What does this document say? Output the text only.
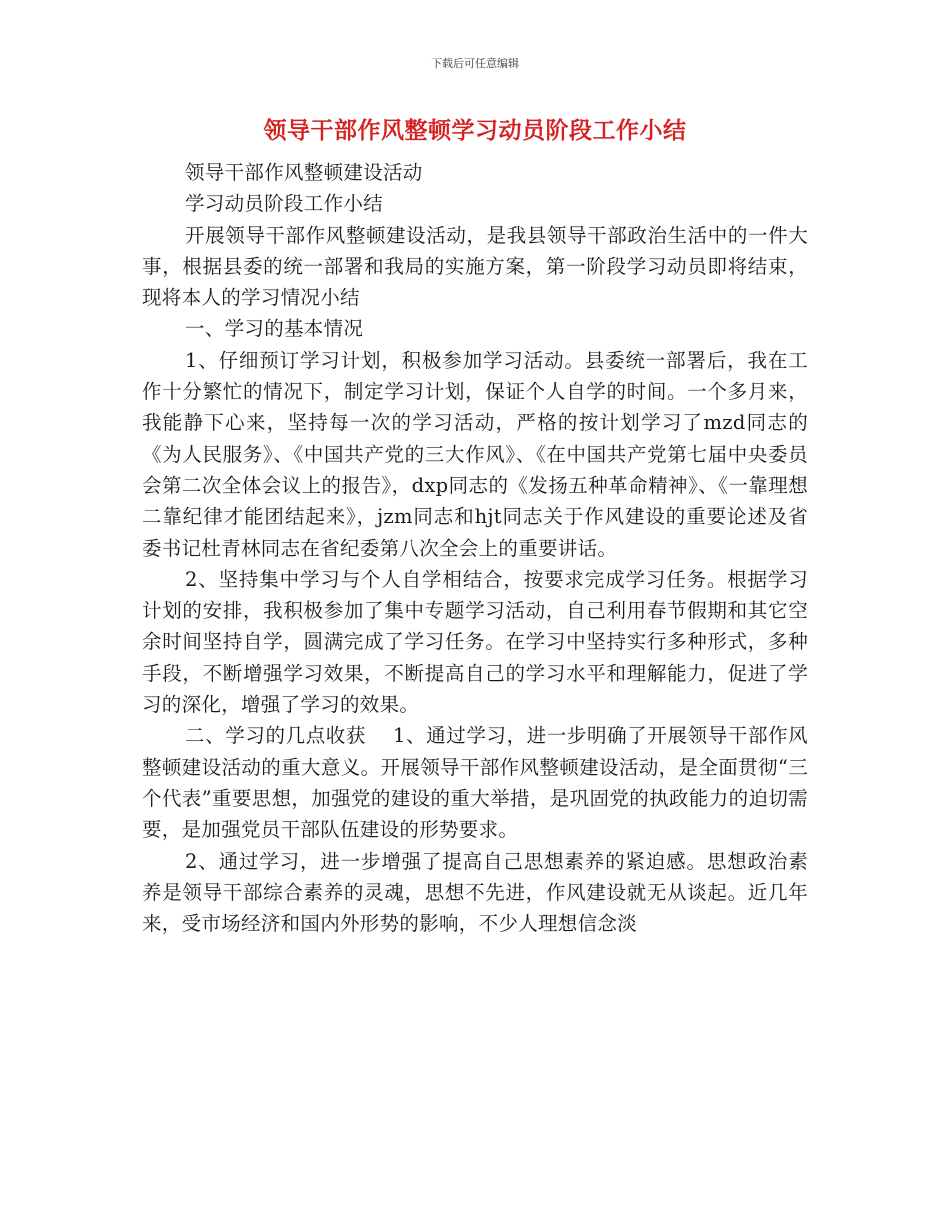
下载后可任意编辑
领导干部作风整顿学习动员阶段工作小结

领导干部作风整顿建设活动

学习动员阶段工作小结

开展领导干部作风整顿建设活动，是我县领导干部政治生活中的一件大事，根据县委的统一部署和我局的实施方案，第一阶段学习动员即将结束，现将本人的学习情况小结

一、学习的基本情况

1、仔细预订学习计划，积极参加学习活动。县委统一部署后，我在工作十分繁忙的情况下，制定学习计划，保证个人自学的时间。一个多月来，我能静下心来，坚持每一次的学习活动，严格的按计划学习了mzd同志的《为人民服务》、《中国共产党的三大作风》、《在中国共产党第七届中央委员会第二次全体会议上的报告》，dxp同志的《发扬五种革命精神》、《一靠理想二靠纪律才能团结起来》，jzm同志和hjt同志关于作风建设的重要论述及省委书记杜青林同志在省纪委第八次全会上的重要讲话。

2、坚持集中学习与个人自学相结合，按要求完成学习任务。根据学习计划的安排，我积极参加了集中专题学习活动，自己利用春节假期和其它空余时间坚持自学，圆满完成了学习任务。在学习中坚持实行多种形式，多种手段，不断增强学习效果，不断提高自己的学习水平和理解能力，促进了学习的深化，增强了学习的效果。

二、学习的几点收获　 1、通过学习，进一步明确了开展领导干部作风整顿建设活动的重大意义。开展领导干部作风整顿建设活动，是全面贯彻“三个代表”重要思想，加强党的建设的重大举措，是巩固党的执政能力的迫切需要，是加强党员干部队伍建设的形势要求。

2、通过学习，进一步增强了提高自己思想素养的紧迫感。思想政治素养是领导干部综合素养的灵魂，思想不先进，作风建设就无从谈起。近几年来，受市场经济和国内外形势的影响，不少人理想信念淡
